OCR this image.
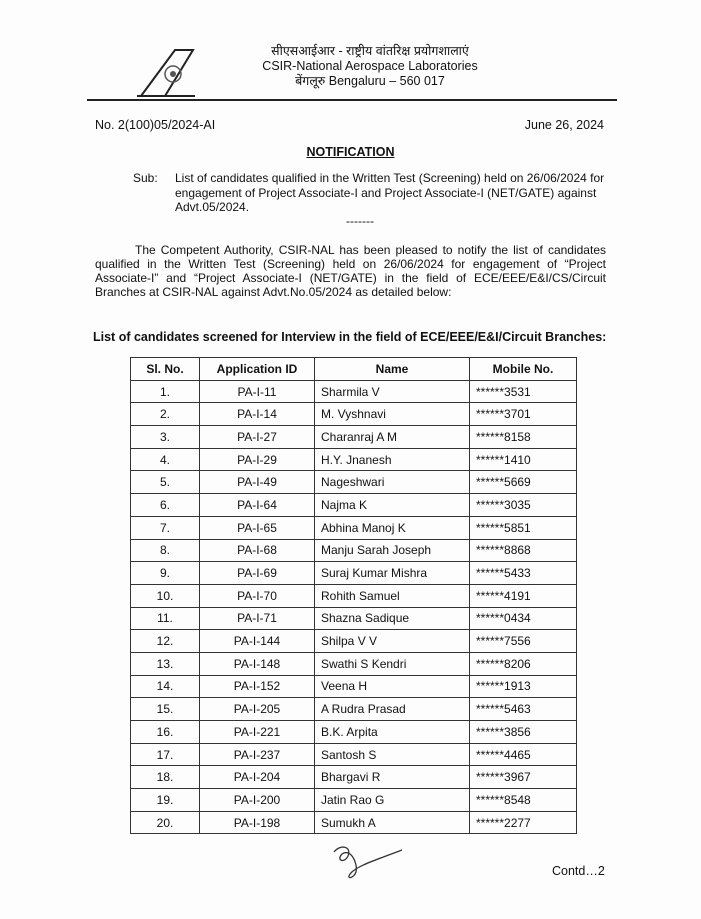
सीएसआईआर - राष्ट्रीय वांतरिक्ष प्रयोगशालाएं
CSIR-National Aerospace Laboratories
बेंगलूरु Bengaluru – 560 017
No. 2(100)05/2024-AI	June 26, 2024
NOTIFICATION
Sub: List of candidates qualified in the Written Test (Screening) held on 26/06/2024 for engagement of Project Associate-I and Project Associate-I (NET/GATE) against Advt.05/2024.
-------
The Competent Authority, CSIR-NAL has been pleased to notify the list of candidates qualified in the Written Test (Screening) held on 26/06/2024 for engagement of “Project Associate-I” and “Project Associate-I (NET/GATE) in the field of ECE/EEE/E&I/CS/Circuit Branches at CSIR-NAL against Advt.No.05/2024 as detailed below:
List of candidates screened for Interview in the field of ECE/EEE/E&I/Circuit Branches:
Sl. No.	Application ID	Name	Mobile No.
1.	PA-I-11	Sharmila V	******3531
2.	PA-I-14	M. Vyshnavi	******3701
3.	PA-I-27	Charanraj A M	******8158
4.	PA-I-29	H.Y. Jnanesh	******1410
5.	PA-I-49	Nageshwari	******5669
6.	PA-I-64	Najma K	******3035
7.	PA-I-65	Abhina Manoj K	******5851
8.	PA-I-68	Manju Sarah Joseph	******8868
9.	PA-I-69	Suraj Kumar Mishra	******5433
10.	PA-I-70	Rohith Samuel	******4191
11.	PA-I-71	Shazna Sadique	******0434
12.	PA-I-144	Shilpa V V	******7556
13.	PA-I-148	Swathi S Kendri	******8206
14.	PA-I-152	Veena H	******1913
15.	PA-I-205	A Rudra Prasad	******5463
16.	PA-I-221	B.K. Arpita	******3856
17.	PA-I-237	Santosh S	******4465
18.	PA-I-204	Bhargavi R	******3967
19.	PA-I-200	Jatin Rao G	******8548
20.	PA-I-198	Sumukh A	******2277
Contd…2
